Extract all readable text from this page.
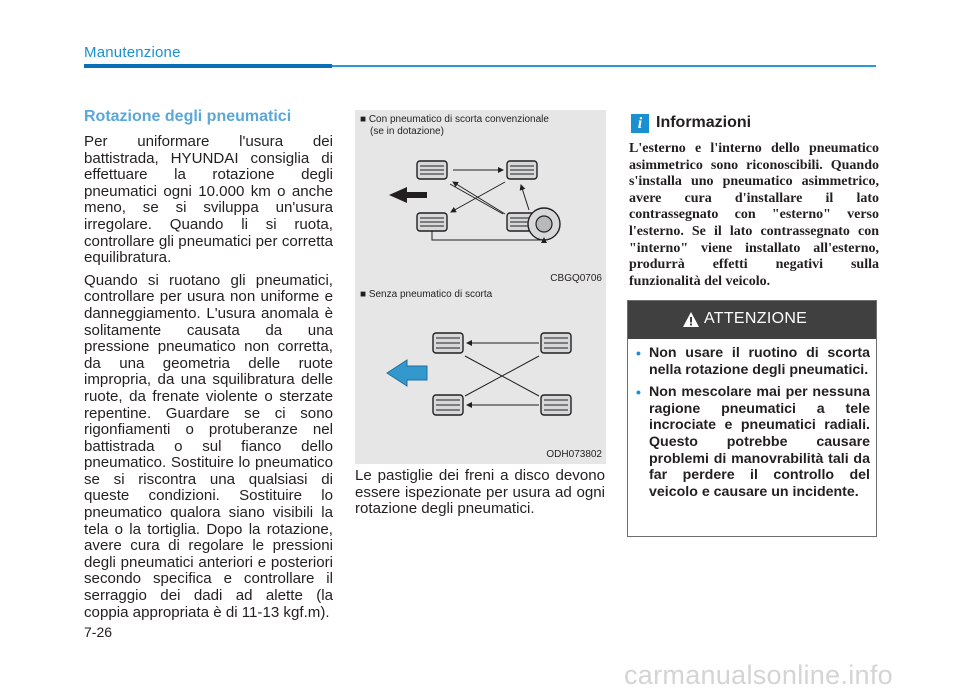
Manutenzione
Rotazione degli pneumatici

Per uniformare l'usura dei battistrada, HYUNDAI consiglia di effettuare la rotazione degli pneumatici ogni 10.000 km o anche meno, se si sviluppa un'usura irregolare. Quando li si ruota, controllare gli pneumatici per corretta equilibratura.

Quando si ruotano gli pneumatici, controllare per usura non uniforme e danneggiamento. L'usura anomala è solitamente causata da una pressione pneumatico non corretta, da una geometria delle ruote impropria, da una squilibratura delle ruote, da frenate violente o sterzate repentine. Guardare se ci sono rigonfiamenti o protuberanze nel battistrada o sul fianco dello pneumatico. Sostituire lo pneumatico se si riscontra una qualsiasi di queste condizioni. Sostituire lo pneumatico qualora siano visibili la tela o la tortiglia. Dopo la rotazione, avere cura di regolare le pressioni degli pneumatici anteriori e posteriori secondo specifica e controllare il serraggio dei dadi ad alette (la coppia appropriata è di 11-13 kgf.m).

■ Con pneumatico di scorta convenzionale
(se in dotazione)
CBGQ0706
■ Senza pneumatico di scorta
ODH073802
Le pastiglie dei freni a disco devono essere ispezionate per usura ad ogni rotazione degli pneumatici.
i Informazioni
L'esterno e l'interno dello pneumatico asimmetrico sono riconoscibili. Quando s'installa uno pneumatico asimmetrico, avere cura d'installare il lato contrassegnato con "esterno" verso l'esterno. Se il lato contrassegnato con "interno" viene installato all'esterno, produrrà effetti negativi sulla funzionalità del veicolo.
ATTENZIONE
• Non usare il ruotino di scorta nella rotazione degli pneumatici.
• Non mescolare mai per nessuna ragione pneumatici a tele incrociate e pneumatici radiali. Questo potrebbe causare problemi di manovrabilità tali da far perdere il controllo del veicolo e causare un incidente.
7-26
carmanualsonline.info
